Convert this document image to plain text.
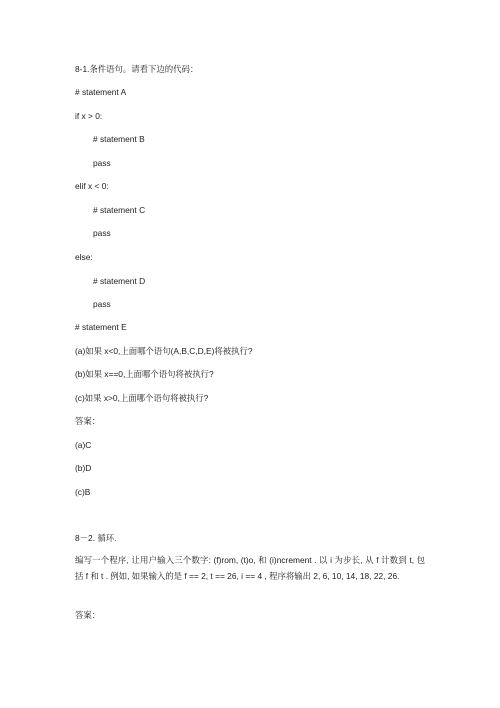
8-1.条件语句。请看下边的代码：
# statement A
if x > 0:
# statement B
pass
elif x < 0:
# statement C
pass
else:
# statement D
pass
# statement E
(a)如果 x<0,上面哪个语句(A,B,C,D,E)将被执行?
(b)如果 x==0,上面哪个语句将被执行?
(c)如果 x>0,上面哪个语句将被执行?
答案：
(a)C
(b)D
(c)B
8－2. 循环.
编写一个程序, 让用户输入三个数字: (f)rom, (t)o, 和 (i)ncrement . 以 i 为步长, 从 f 计数到 t, 包括 f 和 t . 例如, 如果输入的是 f == 2, t == 26, i == 4 , 程序将输出 2, 6, 10, 14, 18, 22, 26.
答案：
